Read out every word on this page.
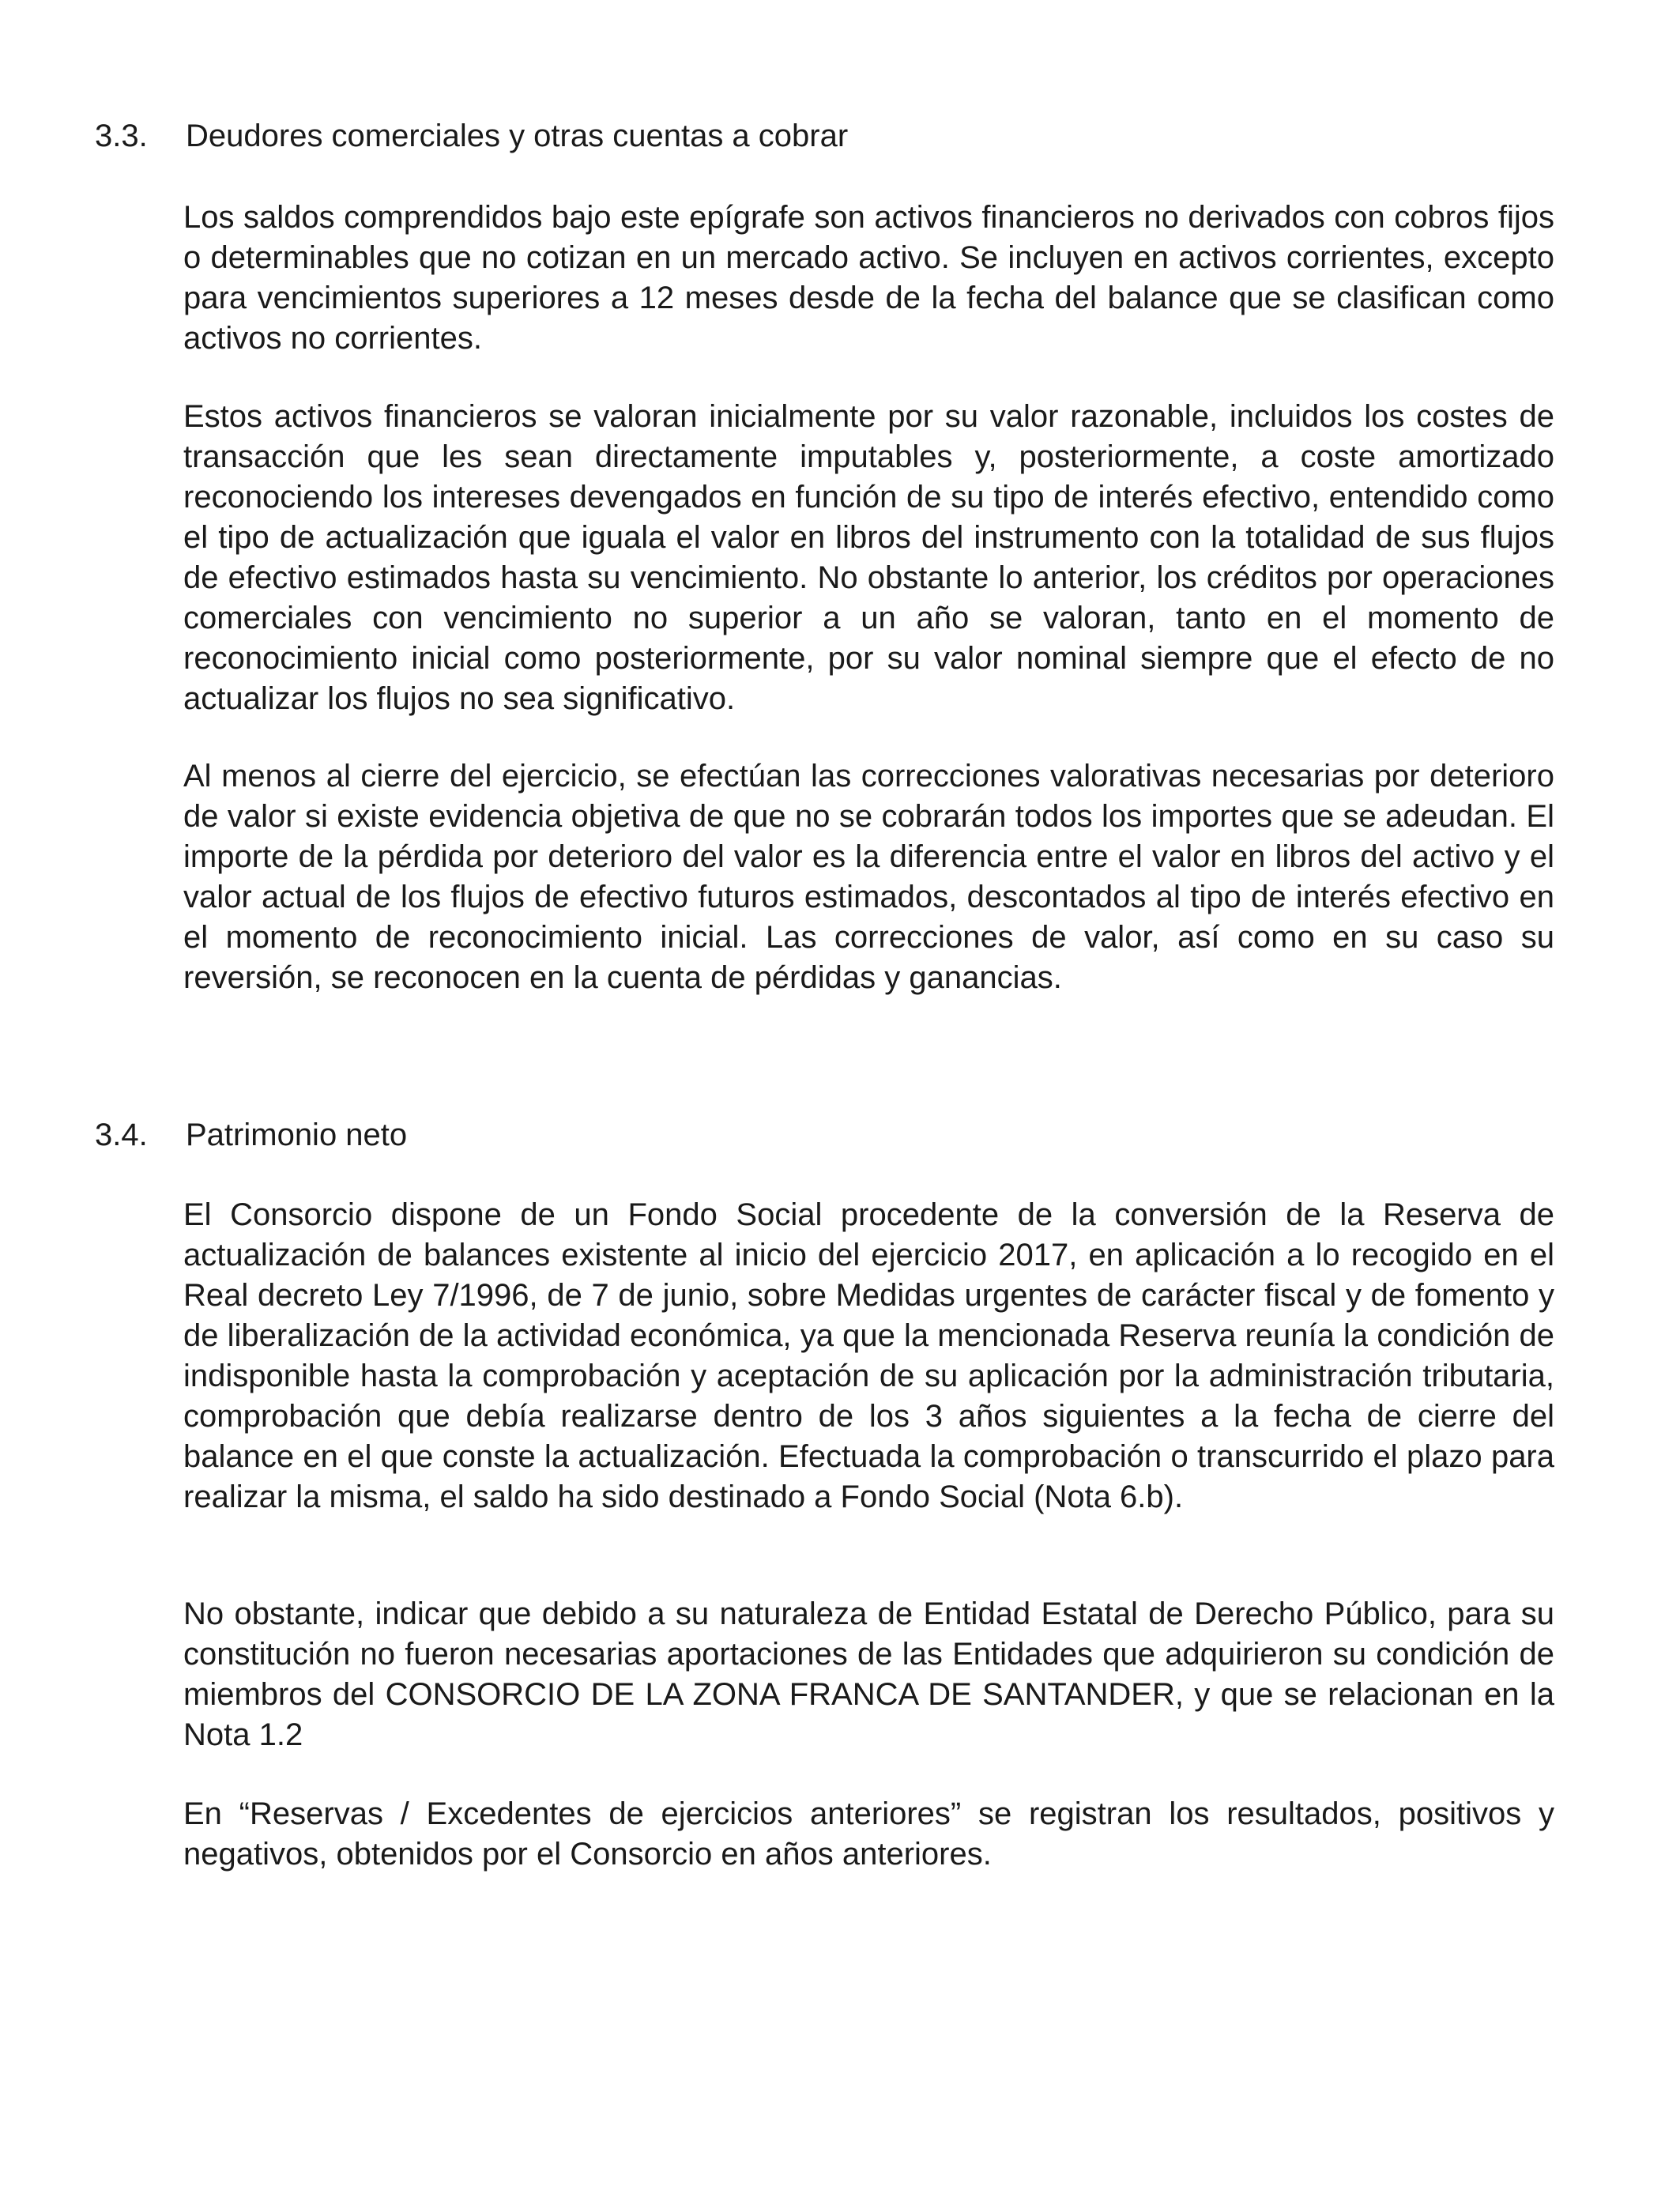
3.3. Deudores comerciales y otras cuentas a cobrar

Los saldos comprendidos bajo este epígrafe son activos financieros no derivados con cobros fijos o determinables que no cotizan en un mercado activo. Se incluyen en activos corrientes, excepto para vencimientos superiores a 12 meses desde de la fecha del balance que se clasifican como activos no corrientes.

Estos activos financieros se valoran inicialmente por su valor razonable, incluidos los costes de transacción que les sean directamente imputables y, posteriormente, a coste amortizado reconociendo los intereses devengados en función de su tipo de interés efectivo, entendido como el tipo de actualización que iguala el valor en libros del instrumento con la totalidad de sus flujos de efectivo estimados hasta su vencimiento. No obstante lo anterior, los créditos por operaciones comerciales con vencimiento no superior a un año se valoran, tanto en el momento de reconocimiento inicial como posteriormente, por su valor nominal siempre que el efecto de no actualizar los flujos no sea significativo.

Al menos al cierre del ejercicio, se efectúan las correcciones valorativas necesarias por deterioro de valor si existe evidencia objetiva de que no se cobrarán todos los importes que se adeudan. El importe de la pérdida por deterioro del valor es la diferencia entre el valor en libros del activo y el valor actual de los flujos de efectivo futuros estimados, descontados al tipo de interés efectivo en el momento de reconocimiento inicial. Las correcciones de valor, así como en su caso su reversión, se reconocen en la cuenta de pérdidas y ganancias.

3.4. Patrimonio neto

El Consorcio dispone de un Fondo Social procedente de la conversión de la Reserva de actualización de balances existente al inicio del ejercicio 2017, en aplicación a lo recogido en el Real decreto Ley 7/1996, de 7 de junio, sobre Medidas urgentes de carácter fiscal y de fomento y de liberalización de la actividad económica, ya que la mencionada Reserva reunía la condición de indisponible hasta la comprobación y aceptación de su aplicación por la administración tributaria, comprobación que debía realizarse dentro de los 3 años siguientes a la fecha de cierre del balance en el que conste la actualización. Efectuada la comprobación o transcurrido el plazo para realizar la misma, el saldo ha sido destinado a Fondo Social (Nota 6.b).

No obstante, indicar que debido a su naturaleza de Entidad Estatal de Derecho Público, para su constitución no fueron necesarias aportaciones de las Entidades que adquirieron su condición de miembros del CONSORCIO DE LA ZONA FRANCA DE SANTANDER, y que se relacionan en la Nota 1.2

En “Reservas / Excedentes de ejercicios anteriores” se registran los resultados, positivos y negativos, obtenidos por el Consorcio en años anteriores.
